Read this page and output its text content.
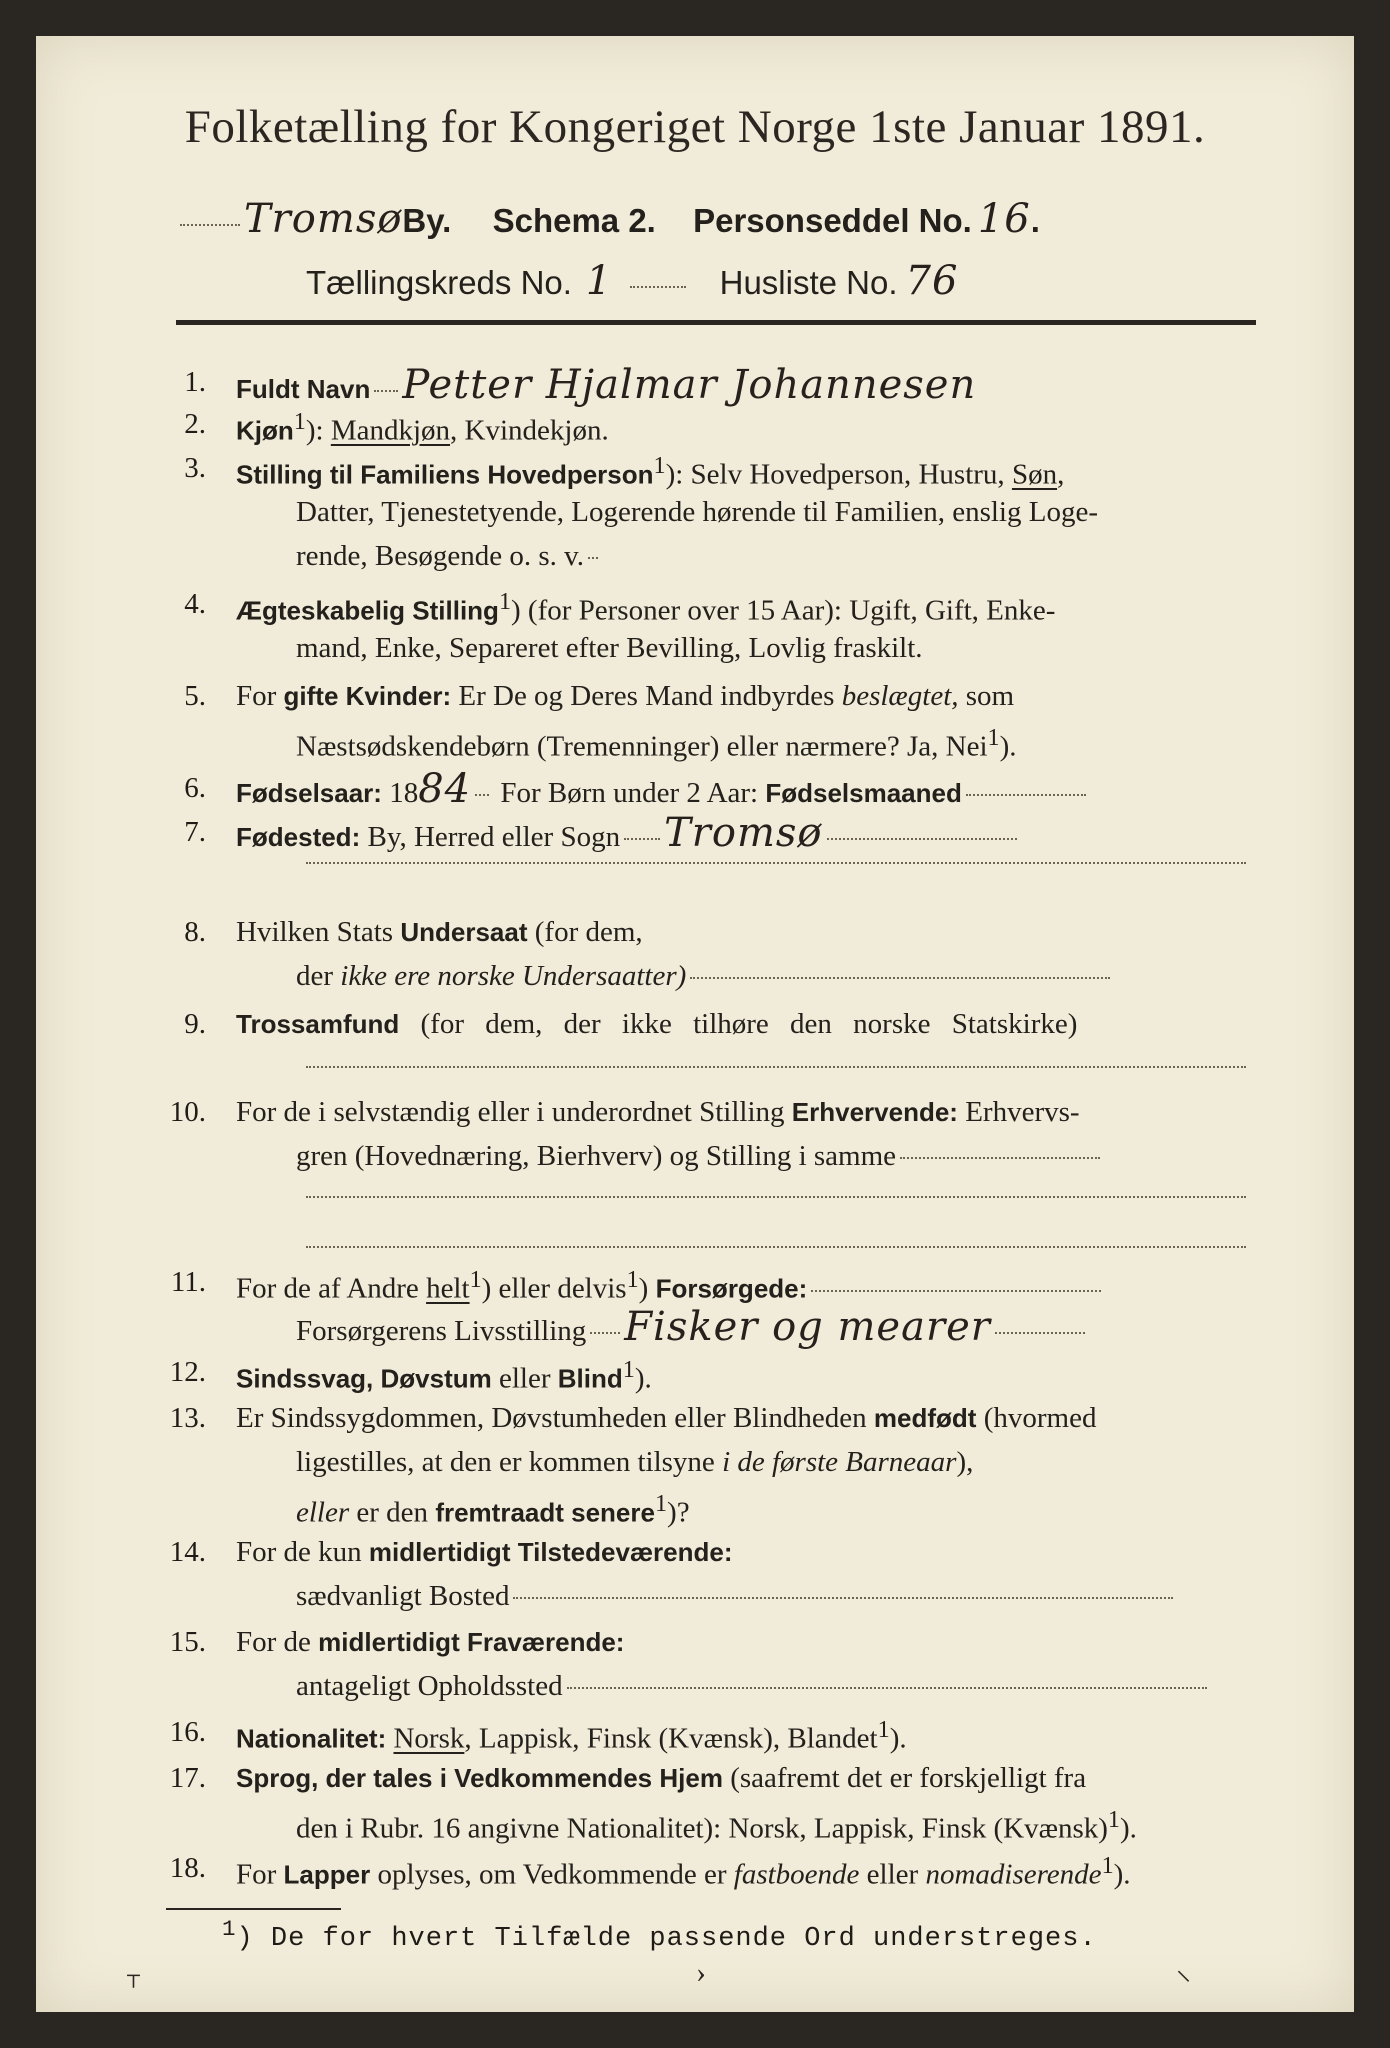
Folketælling for Kongeriget Norge 1ste Januar 1891.
TromsøBy. Schema 2. Personseddel No. 16.
Tællingskreds No. 1	Husliste No. 76
1. Fuldt Navn Petter Hjalmar Johannesen
2. Kjøn$^1$): Mandkjøn, Kvindekjøn.
3. Stilling til Familiens Hovedperson$^1$): Selv Hovedperson, Hustru, Søn,
Datter, Tjenestetyende, Logerende hørende til Familien, enslig Loge-
rende, Besøgende o. s. v.
4. Ægteskabelig Stilling$^1$) (for Personer over 15 Aar): Ugift, Gift, Enke-
mand, Enke, Separeret efter Bevilling, Lovlig fraskilt.
5. For gifte Kvinder: Er De og Deres Mand indbyrdes beslægtet, som
Næstsødskendebørn (Tremenninger) eller nærmere? Ja, Nei$^1$).
6. Fødselsaar: 1884 For Børn under 2 Aar: Fødselsmaaned
7. Fødested: By, Herred eller Sogn Tromsø
8. Hvilken Stats Undersaat (for dem,
der ikke ere norske Undersaatter)
9. Trossamfund (for dem, der ikke tilhøre den norske Statskirke)
10. For de i selvstændig eller i underordnet Stilling Erhvervende: Erhvervs-
gren (Hovednæring, Bierhverv) og Stilling i samme
11. For de af Andre helt$^1$) eller delvis$^1$) Forsørgede:
Forsørgerens Livsstilling Fisker og mearer
12. Sindssvag, Døvstum eller Blind$^1$).
13. Er Sindssygdommen, Døvstumheden eller Blindheden medfødt (hvormed
ligestilles, at den er kommen tilsyne i de første Barneaar),
eller er den fremtraadt senere$^1$)?
14. For de kun midlertidigt Tilstedeværende:
sædvanligt Bosted
15. For de midlertidigt Fraværende:
antageligt Opholdssted
16. Nationalitet: Norsk, Lappisk, Finsk (Kvænsk), Blandet$^1$).
17. Sprog, der tales i Vedkommendes Hjem (saafremt det er forskjelligt fra
den i Rubr. 16 angivne Nationalitet): Norsk, Lappisk, Finsk (Kvænsk)$^1$).
18. For Lapper oplyses, om Vedkommende er fastboende eller nomadiserende$^1$).
$^1$) De for hvert Tilfælde passende Ord understreges.
⸆	›	⸌
